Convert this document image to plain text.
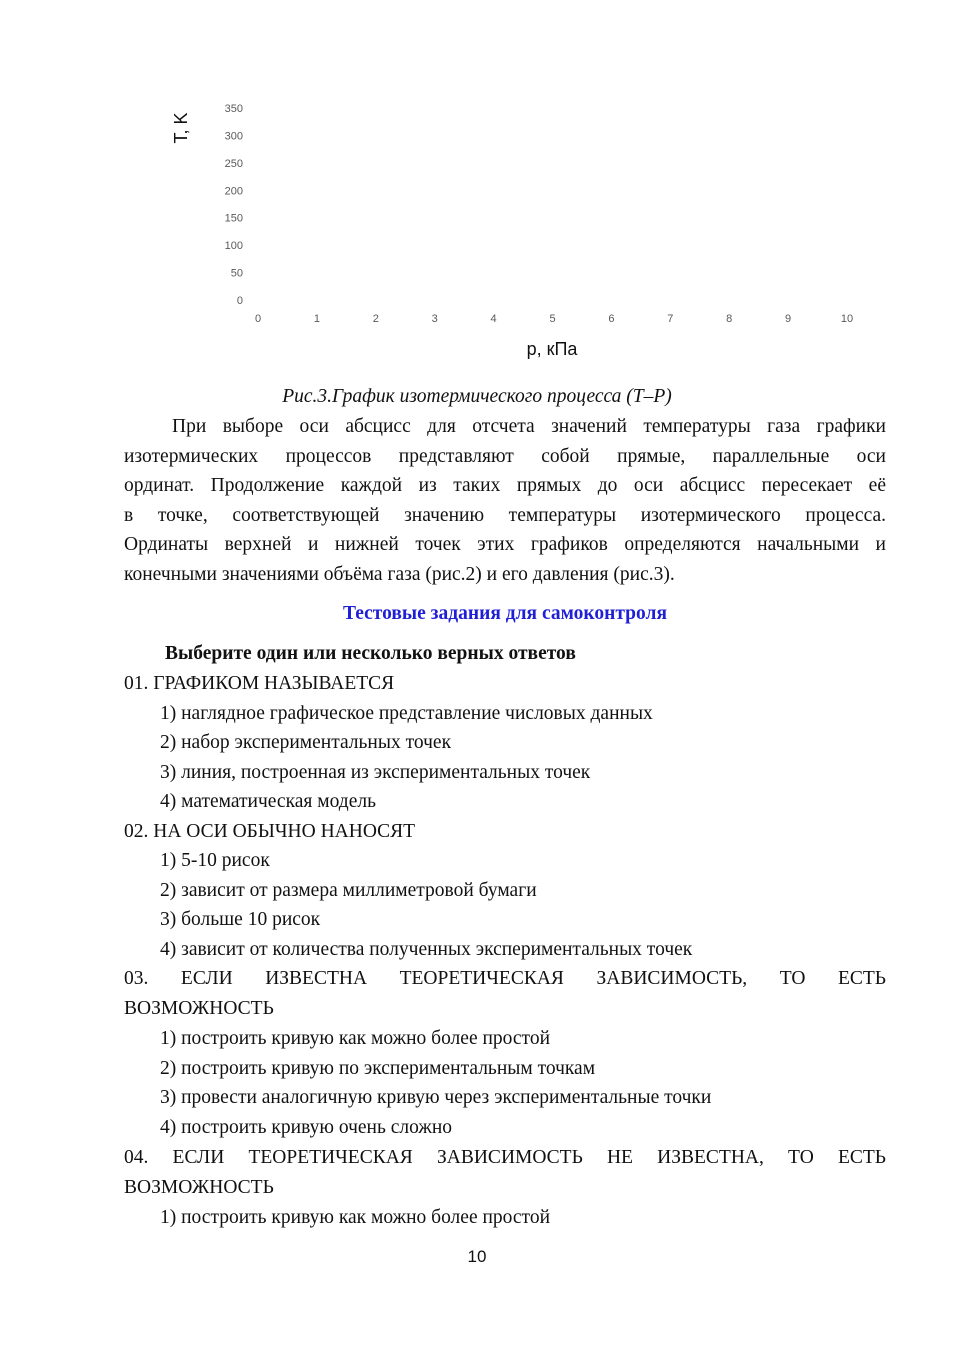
0
50
100
150
200
250
300
350
0	1	2	3	4	5	6	7	8	9	10
T, K
p, кПа
Рис.3.График изотермического процесса (T–P)
При выборе оси абсцисс для отсчета значений температуры газа графики
изотермических процессов представляют собой прямые, параллельные оси
ординат. Продолжение каждой из таких прямых до оси абсцисс пересекает её
в точке, соответствующей значению температуры изотермического процесса.
Ординаты верхней и нижней точек этих графиков определяются начальными и
конечными значениями объёма газа (рис.2) и его давления (рис.3).
Тестовые задания для самоконтроля
Выберите один или несколько верных ответов
01. ГРАФИКОМ НАЗЫВАЕТСЯ
1) наглядное графическое представление числовых данных
2) набор экспериментальных точек
3) линия, построенная из экспериментальных точек
4) математическая модель
02. НА ОСИ ОБЫЧНО НАНОСЯТ
1) 5-10 рисок
2) зависит от размера миллиметровой бумаги
3) больше 10 рисок
4) зависит от количества полученных экспериментальных точек
03. ЕСЛИ ИЗВЕСТНА ТЕОРЕТИЧЕСКАЯ ЗАВИСИМОСТЬ, ТО ЕСТЬ
ВОЗМОЖНОСТЬ
1) построить кривую как можно более простой
2) построить кривую по экспериментальным точкам
3) провести аналогичную кривую через экспериментальные точки
4) построить кривую очень сложно
04. ЕСЛИ ТЕОРЕТИЧЕСКАЯ ЗАВИСИМОСТЬ НЕ ИЗВЕСТНА, ТО ЕСТЬ
ВОЗМОЖНОСТЬ
1) построить кривую как можно более простой
10
